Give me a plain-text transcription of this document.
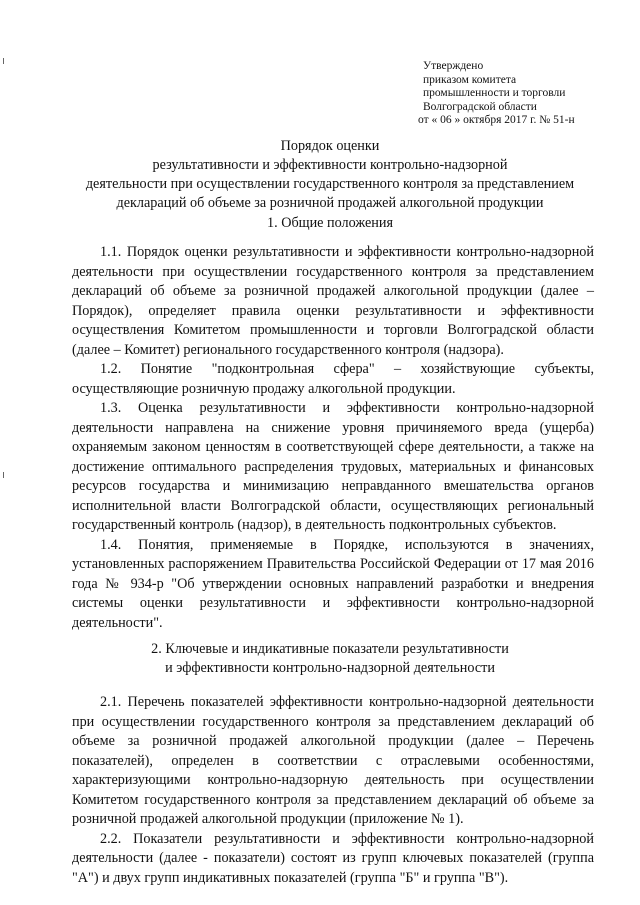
Утверждено
приказом комитета
промышленности и торговли
Волгоградской области
от « 06 » октября 2017 г. № 51-н
Порядок оценки
результативности и эффективности контрольно-надзорной
деятельности при осуществлении государственного контроля за представлением
деклараций об объеме за розничной продажей алкогольной продукции
1. Общие положения

1.1. Порядок оценки результативности и эффективности контрольно-надзорной деятельности при осуществлении государственного контроля за представлением деклараций об объеме за розничной продажей алкогольной продукции (далее – Порядок), определяет правила оценки результативности и эффективности осуществления Комитетом промышленности и торговли Волгоградской области (далее – Комитет) регионального государственного контроля (надзора).

1.2. Понятие "подконтрольная сфера" – хозяйствующие субъекты, осуществляющие розничную продажу алкогольной продукции.

1.3. Оценка результативности и эффективности контрольно-надзорной деятельности направлена на снижение уровня причиняемого вреда (ущерба) охраняемым законом ценностям в соответствующей сфере деятельности, а также на достижение оптимального распределения трудовых, материальных и финансовых ресурсов государства и минимизацию неправданного вмешательства органов исполнительной власти Волгоградской области, осуществляющих региональный государственный контроль (надзор), в деятельность подконтрольных субъектов.

1.4. Понятия, применяемые в Порядке, используются в значениях, установленных распоряжением Правительства Российской Федерации от 17 мая 2016 года № 934-р "Об утверждении основных направлений разработки и внедрения системы оценки результативности и эффективности контрольно-надзорной деятельности".

2. Ключевые и индикативные показатели результативности
и эффективности контрольно-надзорной деятельности

2.1. Перечень показателей эффективности контрольно-надзорной деятельности при осуществлении государственного контроля за представлением деклараций об объеме за розничной продажей алкогольной продукции (далее – Перечень показателей), определен в соответствии с отраслевыми особенностями, характеризующими контрольно-надзорную деятельность при осуществлении Комитетом государственного контроля за представлением деклараций об объеме за розничной продажей алкогольной продукции (приложение № 1).

2.2. Показатели результативности и эффективности контрольно-надзорной деятельности (далее - показатели) состоят из групп ключевых показателей (группа "А") и двух групп индикативных показателей (группа "Б" и группа "В").
